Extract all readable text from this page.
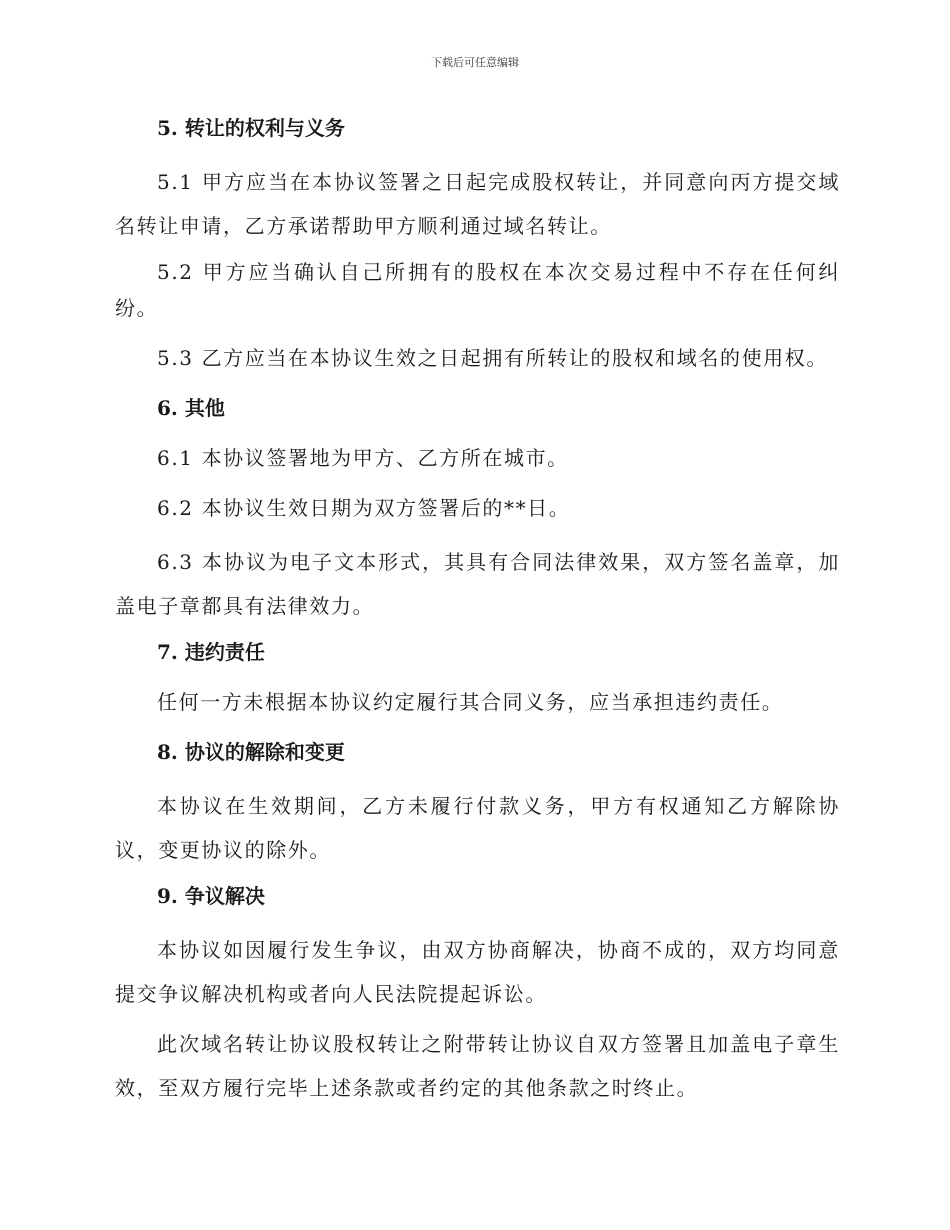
下载后可任意编辑
5. 转让的权利与义务

5.1 甲方应当在本协议签署之日起完成股权转让，并同意向丙方提交域名转让申请，乙方承诺帮助甲方顺利通过域名转让。

5.2 甲方应当确认自己所拥有的股权在本次交易过程中不存在任何纠纷。

5.3 乙方应当在本协议生效之日起拥有所转让的股权和域名的使用权。

6. 其他

6.1 本协议签署地为甲方、乙方所在城市。

6.2 本协议生效日期为双方签署后的**日。

6.3 本协议为电子文本形式，其具有合同法律效果，双方签名盖章，加盖电子章都具有法律效力。

7. 违约责任

任何一方未根据本协议约定履行其合同义务，应当承担违约责任。

8. 协议的解除和变更

本协议在生效期间，乙方未履行付款义务，甲方有权通知乙方解除协议，变更协议的除外。

9. 争议解决

本协议如因履行发生争议，由双方协商解决，协商不成的，双方均同意提交争议解决机构或者向人民法院提起诉讼。

此次域名转让协议股权转让之附带转让协议自双方签署且加盖电子章生效，至双方履行完毕上述条款或者约定的其他条款之时终止。
